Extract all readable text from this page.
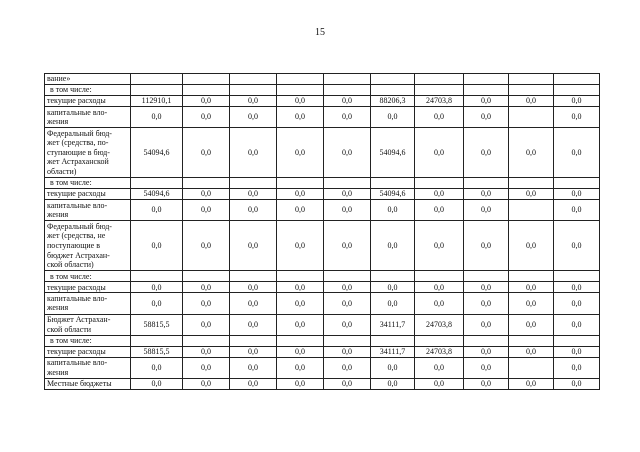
15
вание»										
в том числе:										
текущие расходы	112910,1	0,0	0,0	0,0	0,0	88206,3	24703,8	0,0	0,0	0,0
капитальные вло-
жения	0,0	0,0	0,0	0,0	0,0	0,0	0,0	0,0		0,0
Федеральный бюд-
жет (средства, по-
ступающие в бюд-
жет Астраханской
области)	54094,6	0,0	0,0	0,0	0,0	54094,6	0,0	0,0	0,0	0,0
в том числе:										
текущие расходы	54094,6	0,0	0,0	0,0	0,0	54094,6	0,0	0,0	0,0	0,0
капитальные вло-
жения	0,0	0,0	0,0	0,0	0,0	0,0	0,0	0,0		0,0
Федеральный бюд-
жет (средства, не
поступающие в
бюджет Астрахан-
ской области)	0,0	0,0	0,0	0,0	0,0	0,0	0,0	0,0	0,0	0,0
в том числе:										
текущие расходы	0,0	0,0	0,0	0,0	0,0	0,0	0,0	0,0	0,0	0,0
капитальные вло-
жения	0,0	0,0	0,0	0,0	0,0	0,0	0,0	0,0	0,0	0,0
Бюджет Астрахан-
ской области	58815,5	0,0	0,0	0,0	0,0	34111,7	24703,8	0,0	0,0	0,0
в том числе:										
текущие расходы	58815,5	0,0	0,0	0,0	0,0	34111,7	24703,8	0,0	0,0	0,0
капитальные вло-
жения	0,0	0,0	0,0	0,0	0,0	0,0	0,0	0,0		0,0
Местные бюджеты	0,0	0,0	0,0	0,0	0,0	0,0	0,0	0,0	0,0	0,0
